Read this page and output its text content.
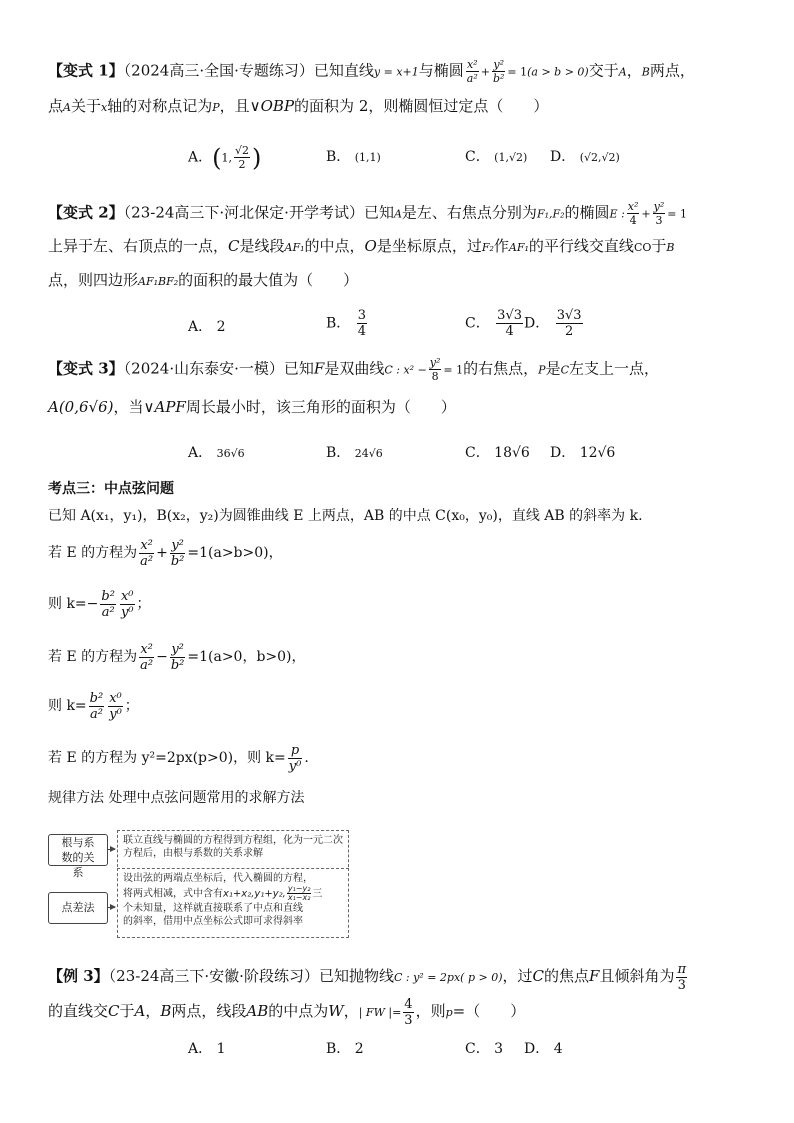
【变式 1】（2024高三·全国·专题练习）已知直线y = x+1与椭圆 $\frac{\text{x²}}{\text{a²}} + \frac{\text{y²}}{\text{b²}} = 1(a > b > 0)$交于A，B两点，
点A关于x轴的对称点记为P，且∨OBP的面积为 2，则椭圆恒过定点（　　）
A．(1, $\frac{√2}{2}$ )	B． (1,1)	C． (1,√2) D． (√2,√2)
【变式 2】（23-24高三下·河北保定·开学考试）已知A是左、右焦点分别为F₁,F₂的椭圆E : $\frac{\text{x²}}{4} + \frac{\text{y²}}{3} = 1$
上异于左、右顶点的一点，C是线段AF₁的中点，O是坐标原点，过F₂作AF₁的平行线交直线CO于B
点，则四边形AF₁BF₂的面积的最大值为（　　）
A． 2	B． $\frac{3}{4}$	C． $\frac{3√3}{4}$ D． $\frac{3√3}{2}$
【变式 3】（2024·山东泰安·一模）已知F是双曲线C : $x^2 - \frac{\text{y²}}{8} = 1$的右焦点，P是C左支上一点，
A(0,6√6)，当∨APF周长最小时，该三角形的面积为（　　）
A． 36√6	B． 24√6	C． 18√6 D． 12√6
考点三：中点弦问题
已知 A(x₁，y₁)，B(x₂，y₂)为圆锥曲线 E 上两点，AB 的中点 C(x₀，y₀)，直线 AB 的斜率为 k.
若 E 的方程为 $\frac{\text{x²}}{\text{a²}} + \frac{\text{y²}}{\text{b²}} =1(a>b>0)$，
则 $k=- \frac{\text{b²}}{\text{a²}} \frac{\text{x⁰}}{\text{y⁰}}$ ；
若 E 的方程为 $\frac{\text{x²}}{\text{a²}} - \frac{\text{y²}}{\text{b²}} =1(a>0$，b>0)，
则 $k= \frac{\text{b²}}{\text{a²}} \frac{\text{x⁰}}{\text{y⁰}}$ ；
若 E 的方程为 y²=2px(p>0)，则 $k= \frac{p}{\text{y⁰}}$ .
规律方法 处理中点弦问题常用的求解方法
根与系数的关系
联立直线与椭圆的方程得到方程组，化为一元二次方程后，由根与系数的关系求解
点差法
设出弦的两端点坐标后，代入椭圆的方程，
将两式相减，式中含有x₁+x₂,y₁+y₂, $\frac{\text{y₁−y₂}}{\text{x₁−x₂}}$ 三
个未知量，这样就直接联系了中点和直线
的斜率，借用中点坐标公式即可求得斜率
【例 3】（23-24高三下·安徽·阶段练习）已知抛物线C : y² = 2px( p > 0)，过C的焦点F且倾斜角为 $\frac{\pi}{3}$
的直线交C于A，B两点，线段AB的中点为W，| FW |= $\frac{4}{3}$ ，则p=（　　）
A． 1	B． 2	C． 3 D． 4
